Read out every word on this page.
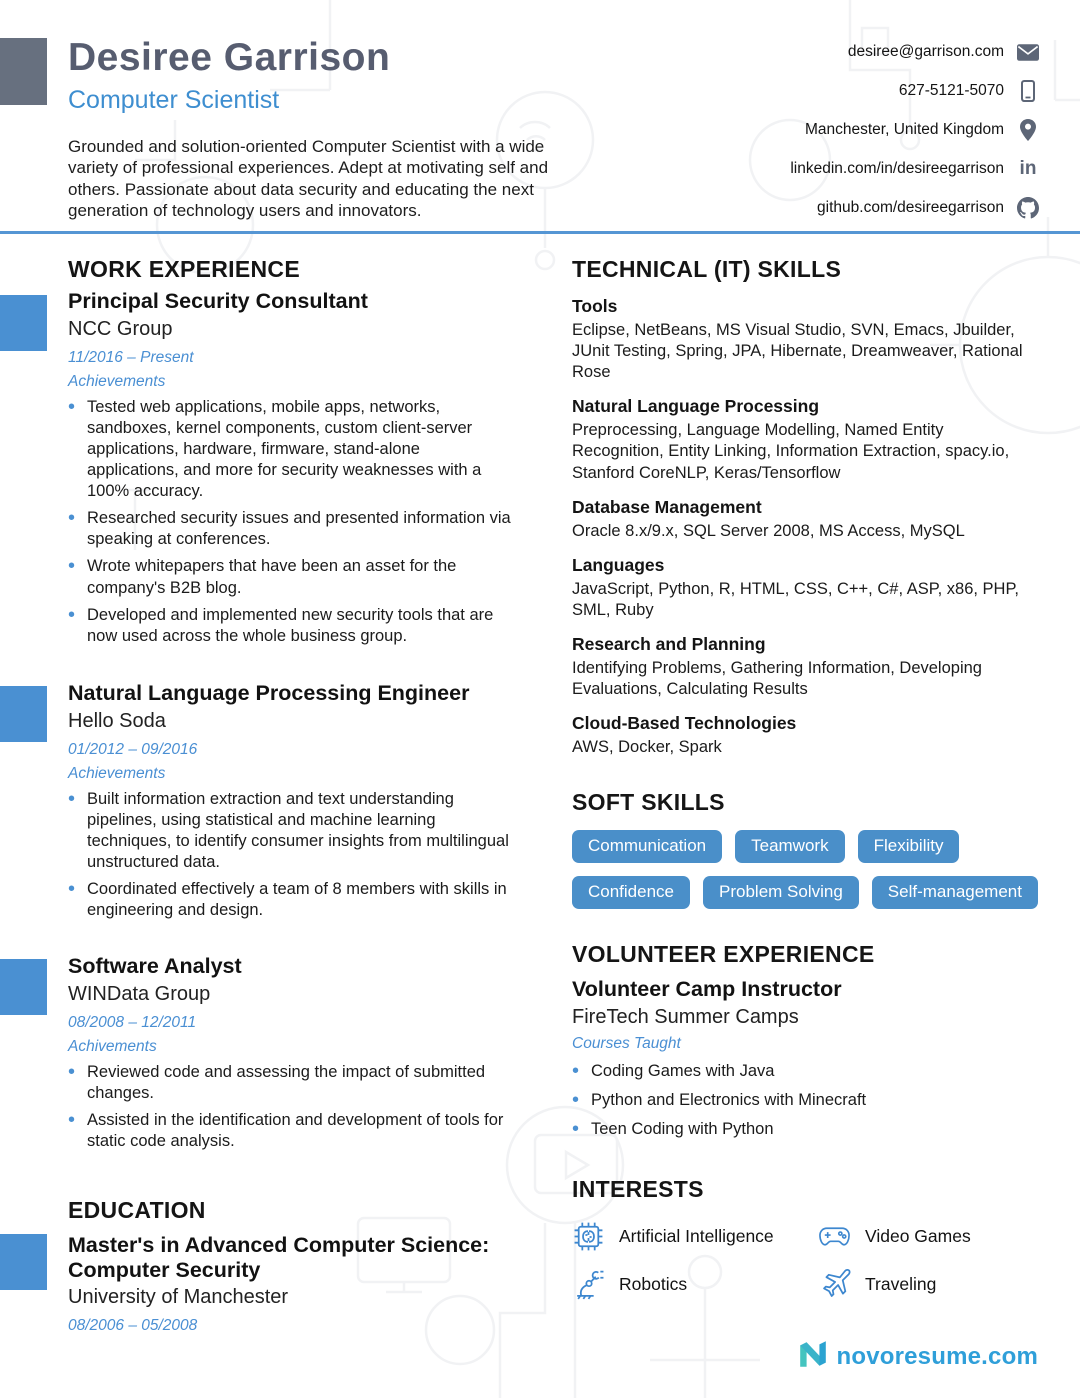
Desiree Garrison
Computer Scientist
Grounded and solution-oriented Computer Scientist with a wide variety of professional experiences. Adept at motivating self and others. Passionate about data security and educating the next generation of technology users and innovators.
desiree@garrison.com
627-5121-5070
Manchester, United Kingdom
linkedin.com/in/desireegarrison in
github.com/desireegarrison
WORK EXPERIENCE
Principal Security Consultant
NCC Group
11/2016 – Present
Achievements
• Tested web applications, mobile apps, networks, sandboxes, kernel components, custom client-server applications, hardware, firmware, stand-alone applications, and more for security weaknesses with a 100% accuracy.
• Researched security issues and presented information via speaking at conferences.
• Wrote whitepapers that have been an asset for the company's B2B blog.
• Developed and implemented new security tools that are now used across the whole business group.
Natural Language Processing Engineer
Hello Soda
01/2012 – 09/2016
Achievements
• Built information extraction and text understanding pipelines, using statistical and machine learning techniques, to identify consumer insights from multilingual unstructured data.
• Coordinated effectively a team of 8 members with skills in engineering and design.
Software Analyst
WINData Group
08/2008 – 12/2011
Achivements
• Reviewed code and assessing the impact of submitted changes.
• Assisted in the identification and development of tools for static code analysis.
EDUCATION
Master's in Advanced Computer Science: Computer Security
University of Manchester
08/2006 – 05/2008
TECHNICAL (IT) SKILLS
Tools
Eclipse, NetBeans, MS Visual Studio, SVN, Emacs, Jbuilder, JUnit Testing, Spring, JPA, Hibernate, Dreamweaver, Rational Rose
Natural Language Processing
Preprocessing, Language Modelling, Named Entity Recognition, Entity Linking, Information Extraction, spacy.io, Stanford CoreNLP, Keras/Tensorflow
Database Management
Oracle 8.x/9.x, SQL Server 2008, MS Access, MySQL
Languages
JavaScript, Python, R, HTML, CSS, C++, C#, ASP, x86, PHP, SML, Ruby
Research and Planning
Identifying Problems, Gathering Information, Developing Evaluations, Calculating Results
Cloud-Based Technologies
AWS, Docker, Spark
SOFT SKILLS
Communication	Teamwork	Flexibility
Confidence	Problem Solving	Self-management
VOLUNTEER EXPERIENCE
Volunteer Camp Instructor
FireTech Summer Camps
Courses Taught
• Coding Games with Java
• Python and Electronics with Minecraft
• Teen Coding with Python
INTERESTS
Artificial Intelligence	Video Games
Robotics	Traveling
novoresume.com
